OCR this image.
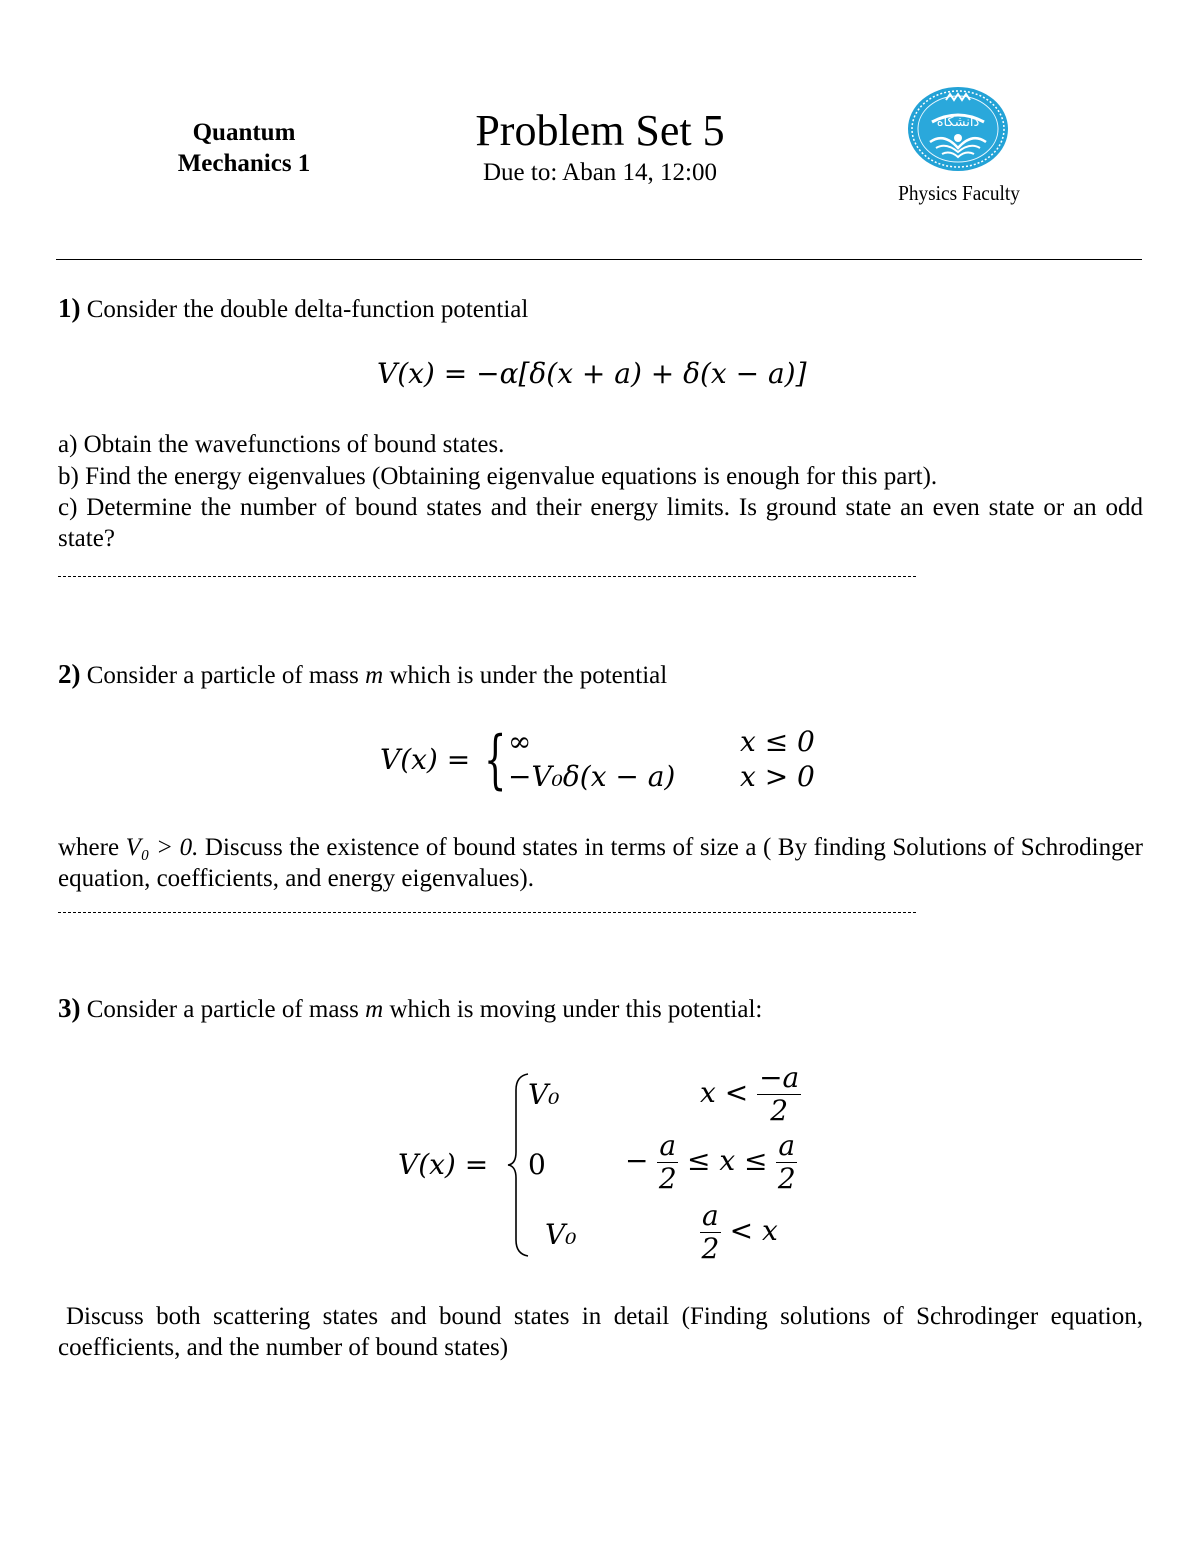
Quantum
Mechanics 1
Problem Set 5
Due to: Aban 14, 12:00
دانشگاه
Physics Faculty
1) Consider the double delta-function potential
V(x) = −α[δ(x + a) + δ(x − a)]
a) Obtain the wavefunctions of bound states.
b) Find the energy eigenvalues (Obtaining eigenvalue equations is enough for this part).
c) Determine the number of bound states and their energy limits. Is ground state an even state or an odd state?
2) Consider a particle of mass m which is under the potential
V(x) = { ∞
−V₀δ(x − a)
x ≤ 0
x > 0
where V₀ > 0. Discuss the existence of bound states in terms of size a ( By finding Solutions of Schrodinger equation, coefficients, and energy eigenvalues).
3) Consider a particle of mass m which is moving under this potential:
V(x) =
V₀
0
V₀
$x < \frac{-a}{2}$
− $\frac{a}{2} \le x \le \frac{a}{2}$
$\frac{a}{2} < x$
Discuss both scattering states and bound states in detail (Finding solutions of Schrodinger equation, coefficients, and the number of bound states)
